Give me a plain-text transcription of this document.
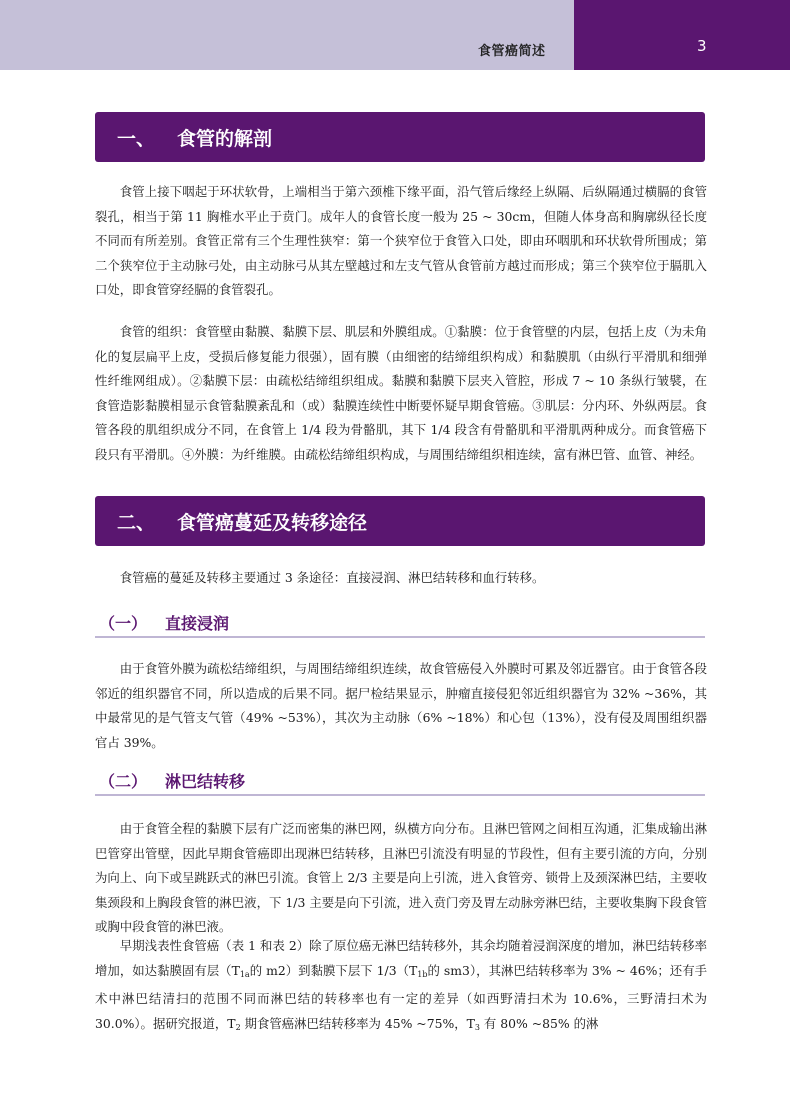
食管癌简述	3
一、 食管的解剖

食管上接下咽起于环状软骨，上端相当于第六颈椎下缘平面，沿气管后缘经上纵隔、后纵隔通过横膈的食管裂孔，相当于第 11 胸椎水平止于贲门。成年人的食管长度一般为 25 ~ 30cm，但随人体身高和胸廓纵径长度不同而有所差别。食管正常有三个生理性狭窄：第一个狭窄位于食管入口处，即由环咽肌和环状软骨所围成；第二个狭窄位于主动脉弓处，由主动脉弓从其左壁越过和左支气管从食管前方越过而形成；第三个狭窄位于膈肌入口处，即食管穿经膈的食管裂孔。

食管的组织：食管壁由黏膜、黏膜下层、肌层和外膜组成。①黏膜：位于食管壁的内层，包括上皮（为未角化的复层扁平上皮，受损后修复能力很强），固有膜（由细密的结缔组织构成）和黏膜肌（由纵行平滑肌和细弹性纤维网组成）。②黏膜下层：由疏松结缔组织组成。黏膜和黏膜下层夹入管腔，形成 7 ~ 10 条纵行皱襞，在食管造影黏膜相显示食管黏膜紊乱和（或）黏膜连续性中断要怀疑早期食管癌。③肌层：分内环、外纵两层。食管各段的肌组织成分不同，在食管上 1/4 段为骨骼肌，其下 1/4 段含有骨骼肌和平滑肌两种成分。而食管癌下段只有平滑肌。④外膜：为纤维膜。由疏松结缔组织构成，与周围结缔组织相连续，富有淋巴管、血管、神经。

二、 食管癌蔓延及转移途径

食管癌的蔓延及转移主要通过 3 条途径：直接浸润、淋巴结转移和血行转移。

（一） 直接浸润

由于食管外膜为疏松结缔组织，与周围结缔组织连续，故食管癌侵入外膜时可累及邻近器官。由于食管各段邻近的组织器官不同，所以造成的后果不同。据尸检结果显示，肿瘤直接侵犯邻近组织器官为 32% ~36%，其中最常见的是气管支气管（49% ~53%），其次为主动脉（6% ~18%）和心包（13%），没有侵及周围组织器官占 39%。

（二） 淋巴结转移

由于食管全程的黏膜下层有广泛而密集的淋巴网，纵横方向分布。且淋巴管网之间相互沟通，汇集成输出淋巴管穿出管壁，因此早期食管癌即出现淋巴结转移，且淋巴引流没有明显的节段性，但有主要引流的方向，分别为向上、向下或呈跳跃式的淋巴引流。食管上 2/3 主要是向上引流，进入食管旁、锁骨上及颈深淋巴结，主要收集颈段和上胸段食管的淋巴液，下 1/3 主要是向下引流，进入贲门旁及胃左动脉旁淋巴结，主要收集胸下段食管或胸中段食管的淋巴液。

早期浅表性食管癌（表 1 和表 2）除了原位癌无淋巴结转移外，其余均随着浸润深度的增加，淋巴结转移率增加，如达黏膜固有层（$T_{1a}$的 m2）到黏膜下层下 $1/3(T_{1b}$的 sm3），其淋巴结转移率为 3% ~ 46%；还有手术中淋巴结清扫的范围不同而淋巴结的转移率也有一定的差异（如西野清扫术为 10.6%，三野清扫术为 30.0%）。据研究报道，$T_2$ 期食管癌淋巴结转移率为 45% ~75%，$T_3$ 有 80% ~85% 的淋
